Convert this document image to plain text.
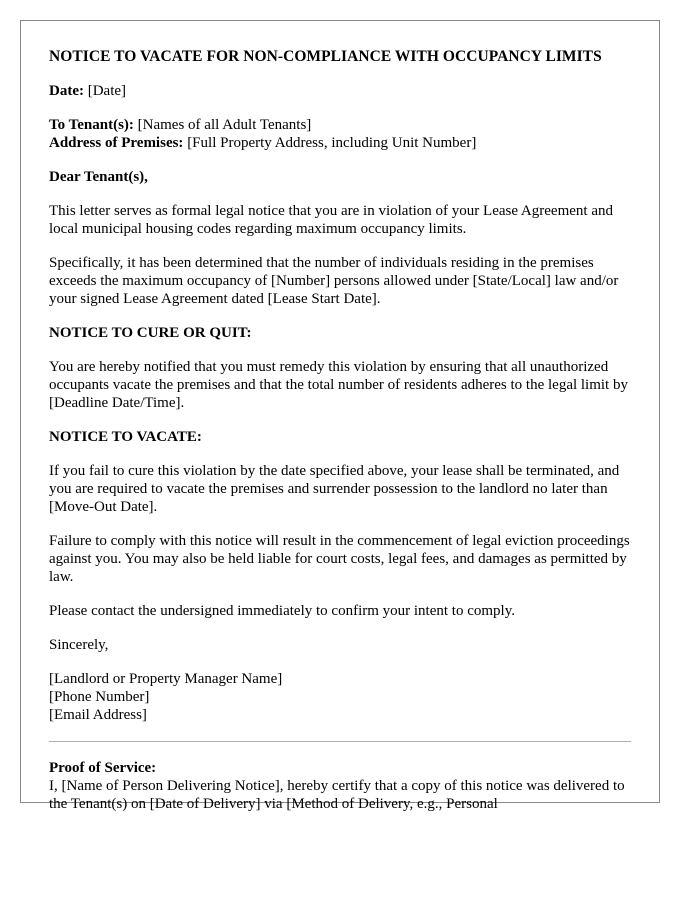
NOTICE TO VACATE FOR NON-COMPLIANCE WITH OCCUPANCY LIMITS

Date: [Date]

To Tenant(s): [Names of all Adult Tenants]
Address of Premises: [Full Property Address, including Unit Number]

Dear Tenant(s),

This letter serves as formal legal notice that you are in violation of your Lease Agreement and local municipal housing codes regarding maximum occupancy limits.

Specifically, it has been determined that the number of individuals residing in the premises exceeds the maximum occupancy of [Number] persons allowed under [State/Local] law and/or your signed Lease Agreement dated [Lease Start Date].

NOTICE TO CURE OR QUIT:

You are hereby notified that you must remedy this violation by ensuring that all unauthorized occupants vacate the premises and that the total number of residents adheres to the legal limit by [Deadline Date/Time].

NOTICE TO VACATE:

If you fail to cure this violation by the date specified above, your lease shall be terminated, and you are required to vacate the premises and surrender possession to the landlord no later than [Move-Out Date].

Failure to comply with this notice will result in the commencement of legal eviction proceedings against you. You may also be held liable for court costs, legal fees, and damages as permitted by law.

Please contact the undersigned immediately to confirm your intent to comply.

Sincerely,

[Landlord or Property Manager Name]
[Phone Number]
[Email Address]

Proof of Service:
I, [Name of Person Delivering Notice], hereby certify that a copy of this notice was delivered to the Tenant(s) on [Date of Delivery] via [Method of Delivery, e.g., Personal
